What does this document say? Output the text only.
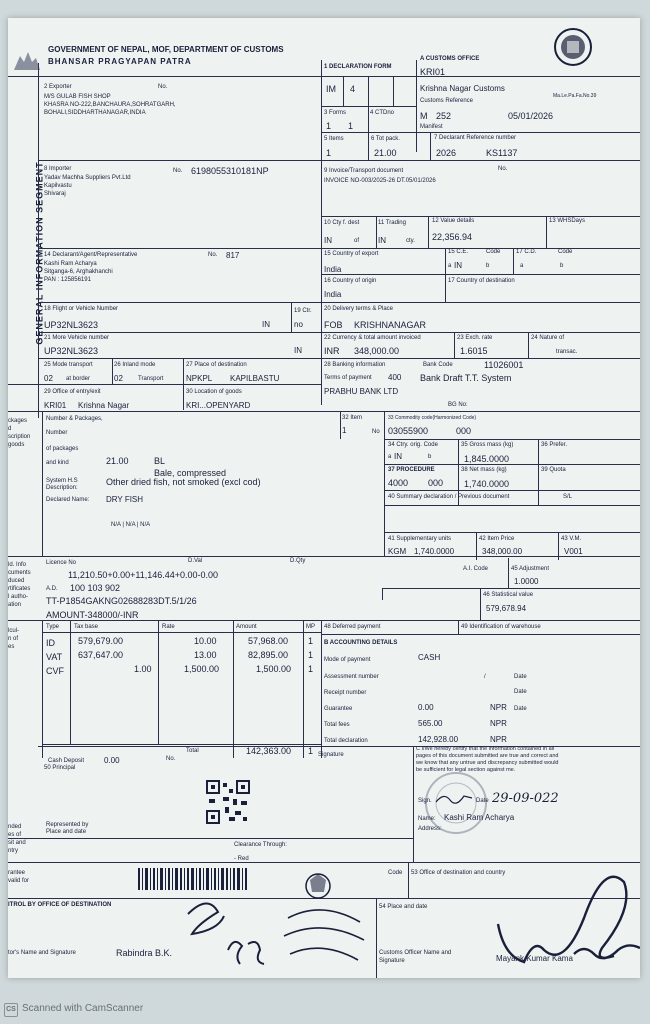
GOVERNMENT OF NEPAL, MOF, DEPARTMENT OF CUSTOMS
BHANSAR PRAGYAPAN PATRA
GENERAL INFORMATION SEGMENT
1 DECLARATION FORM
IM 4
A CUSTOMS OFFICE
KRI01
Krishna Nagar Customs
Customs Reference
Ma.Le.Pa.Fa.No.39
M 252	05/01/2026
Manifest
3 Forms
1 1
4 CTDno
5 Items
1
6 Tot pack.
21.00
7 Declarant Reference number
2026	KS1137
2 Exporter	No.
M/S GULAB FISH SHOP
KHASRA NO-222,BANCHAURA,SOHRATGARH,
BOHALI,SIDDHARTHANAGAR,INDIA
8 Importer	No. 619805531018​1NP
Yadav Machha Suppliers Pvt.Ltd
Kapilvastu
Shivaraj
9 Invoice/Transport document	No.
INVOICE NO-003/2025-26 DT.05/01/2026
10 Cty f. dest
IN	of
11 Trading
IN	cty.
12 Value details
22,356.94
13 WHSDays
14 Declarant/Agent/Representative	No. 817
Kashi Ram Acharya
Sitganga-6, Arghakhanchi
PAN : 125856191
15 Country of export
India
15 C.E.	Code
a IN	b
17 C.D.	Code
a	b
16 Country of origin
India
17 Country of destination
18 Flight or Vehicle Number
UP32NL3623	IN
19 Ctr.
no
20 Delivery terms & Place
FOB KRISHNANAGAR
21 More Vehicle number
UP32NL3623	IN
22 Currency & total amount invoiced
INR 348,000.00
23 Exch. rate
1.6015
24 Nature of
transac.
25 Mode transport
02 at border
26 Inland mode
02	Transport
27 Place of destination
NPKPL KAPILBASTU
28 Banking information	Bank Code	11026001
Terms of payment 400 Bank Draft T.T. System
PRABHU BANK LTD
BG No:
29 Office of entry/exit
KRI01 Krishna Nagar
30 Location of goods
KRI...OPENYARD
ckages
d
scription
goods
Number & Packages,
Number
of packages
and kind	21.00	BL
Bale, compressed
System H.S
Description:
Other dried fish, not smoked (excl cod)
Declared Name: DRY FISH
N/A | N/A | N/A
32 Item
1	No
33 Commodity code(Harmonized Code)
03055900	000
34 Ctry. orig. Code
a IN	b
35 Gross mass (kg)
1,845.0000
36 Prefer.
37 PROCEDURE
4000 000
38 Net mass (kg)
1,740.0000
39 Quota
40 Summary declaration / Previous document	S/L
41 Supplementary units
KGM 1,740.0000
42 Item Price
348,000.00
43 V.M.
V001
ld. Info
cuments
duced
rtificates
l autho-
ation
Licence No	D.Val	D.Qty
11,210.50+0.00+11,146.44+0.00-0.00
A.D. 100 103 902
TT-P1854GAKNG02688283DT.5/1/26
AMOUNT-348000/-INR
A.I. Code	45 Adjustment
1.0000
46 Statistical value
579,678.94
lcul-
n of
es
Type Tax base	Rate	Amount	MP
ID	579,679.00	10.00	57,968.00 1
VAT 637,647.00	13.00	82,895.00 1
CVF	1.00	1,500.00	1,500.00 1
Total	142,363.00 1
Cash Deposit 0.00
48 Deferred payment	49 Identification of warehouse
B ACCOUNTING DETAILS
Mode of payment	CASH
Assessment number	/	Date
Receipt number	Date
Guarantee	0.00	NPR Date
Total fees	565.00	NPR
Total declaration	142,928.00	NPR
50 Principal
No.
Signature
nded
es of
sit and
ntry
Represented by
Place and date
C I/We hereby certify that the information contained in all
pages of this document submitted are true and correct and
we know that any untrue and discrepancy submitted would
be sufficient for legal section against me.
Sign.	Date 29-09-022
Name: Kashi Ram Acharya
Address:
Clearance Through:
- Red
rantee
valid for
Code 53 Office of destination and country
ITROL BY OFFICE OF DESTINATION	54 Place and date
tor's Name and Signature	Rabindra B.K.	Customs Officer Name and
Signature	Mayank Kumar Kama
CS Scanned with CamScanner
